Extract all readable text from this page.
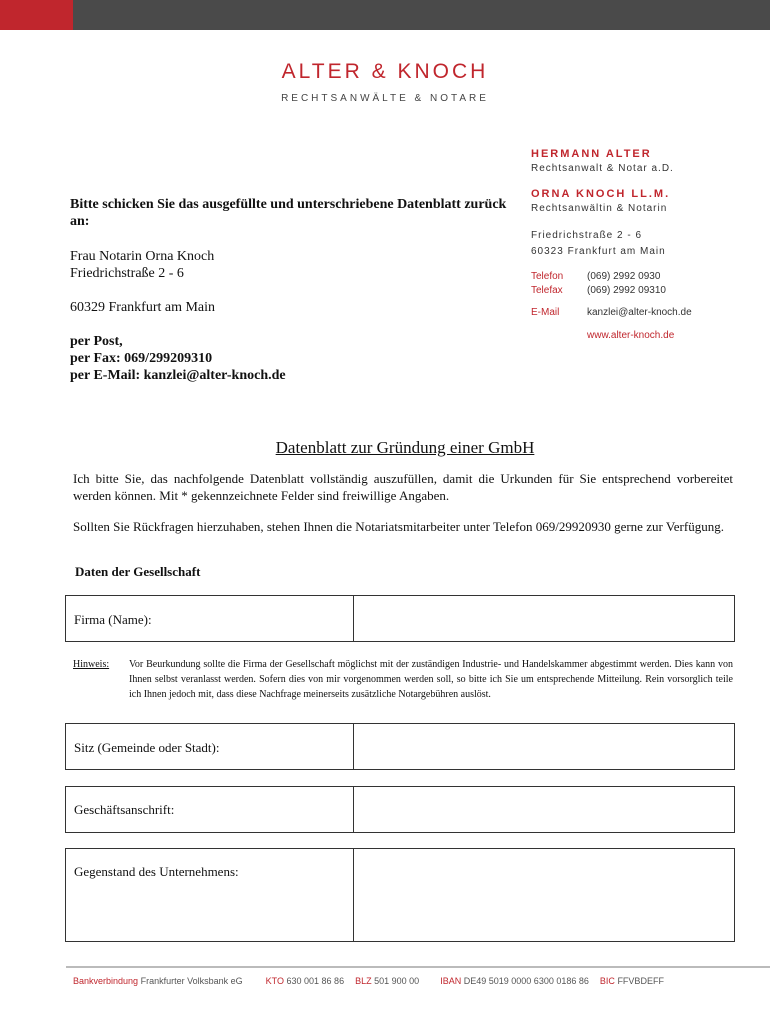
ALTER & KNOCH
RECHTSANWÄLTE & NOTARE
HERMANN ALTER
Rechtsanwalt & Notar a.D.
ORNA KNOCH LL.M.
Rechtsanwältin & Notarin
Friedrichstraße 2 - 6
60323 Frankfurt am Main
Telefon	(069) 2992 0930
Telefax	(069) 2992 09310
E-Mail	kanzlei@alter-knoch.de
www.alter-knoch.de
Bitte schicken Sie das ausgefüllte und unterschriebene Datenblatt zurück an:
Frau Notarin Orna Knoch
Friedrichstraße 2 - 6
60329 Frankfurt am Main
per Post,
per Fax: 069/299209310
per E-Mail: kanzlei@alter-knoch.de
Datenblatt zur Gründung einer GmbH
Ich bitte Sie, das nachfolgende Datenblatt vollständig auszufüllen, damit die Urkunden für Sie entsprechend vorbereitet werden können. Mit * gekennzeichnete Felder sind freiwillige Angaben.
Sollten Sie Rückfragen hierzuhaben, stehen Ihnen die Notariatsmitarbeiter unter Telefon 069/29920930 gerne zur Verfügung.
Daten der Gesellschaft
Firma (Name):
Hinweis:	Vor Beurkundung sollte die Firma der Gesellschaft möglichst mit der zuständigen Industrie- und Handelskammer abgestimmt werden. Dies kann von Ihnen selbst veranlasst werden. Sofern dies von mir vorgenommen werden soll, so bitte ich Sie um entsprechende Mitteilung. Rein vorsorglich teile ich Ihnen jedoch mit, dass diese Nachfrage meinerseits zusätzliche Notargebühren auslöst.
Sitz (Gemeinde oder Stadt):
Geschäftsanschrift:
Gegenstand des Unternehmens:
Bankverbindung Frankfurter Volksbank eG	KTO 630 001 86 86 BLZ 501 900 00 IBAN DE49 5019 0000 6300 0186 86 BIC FFVBDEFF
